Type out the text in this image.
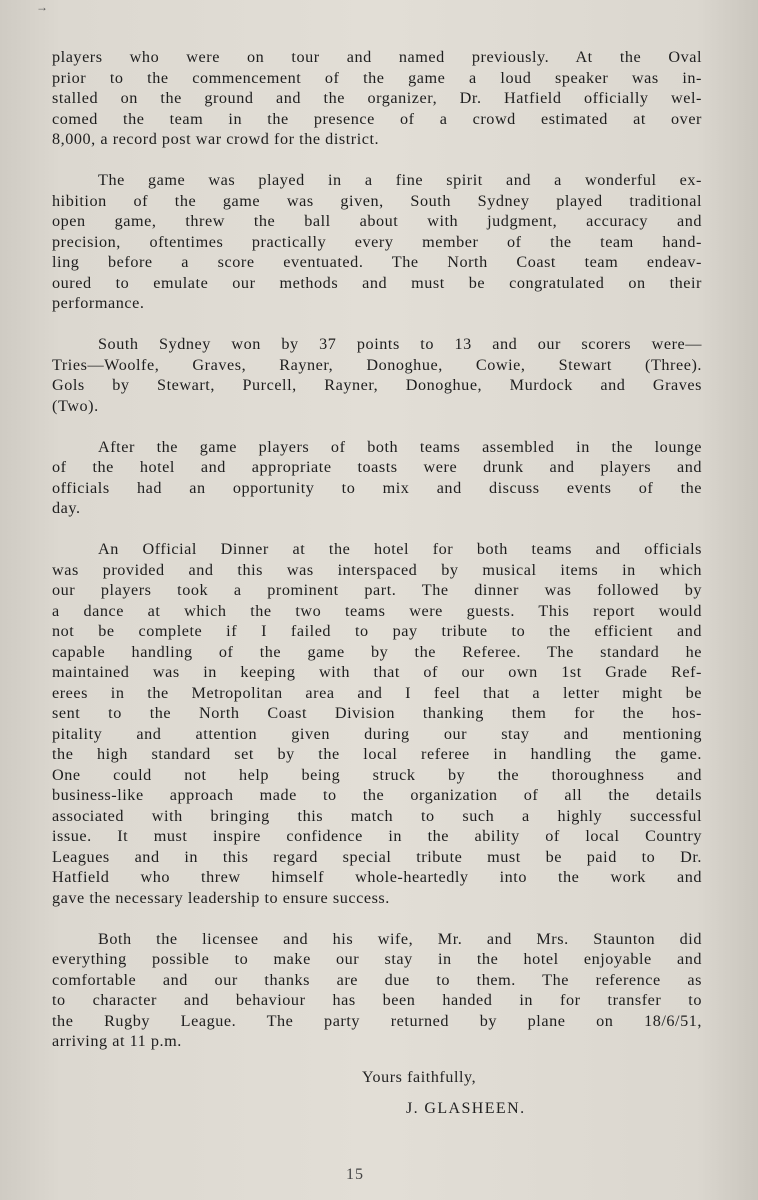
→
players who were on tour and named previously. At the Oval
prior to the commencement of the game a loud speaker was in-
stalled on the ground and the organizer, Dr. Hatfield officially wel-
comed the team in the presence of a crowd estimated at over
8,000, a record post war crowd for the district.
The game was played in a fine spirit and a wonderful ex-
hibition of the game was given, South Sydney played traditional
open game, threw the ball about with judgment, accuracy and
precision, oftentimes practically every member of the team hand-
ling before a score eventuated. The North Coast team endeav-
oured to emulate our methods and must be congratulated on their
performance.
South Sydney won by 37 points to 13 and our scorers were—
Tries—Woolfe, Graves, Rayner, Donoghue, Cowie, Stewart (Three).
Gols by Stewart, Purcell, Rayner, Donoghue, Murdock and Graves
(Two).
After the game players of both teams assembled in the lounge
of the hotel and appropriate toasts were drunk and players and
officials had an opportunity to mix and discuss events of the
day.
An Official Dinner at the hotel for both teams and officials
was provided and this was interspaced by musical items in which
our players took a prominent part. The dinner was followed by
a dance at which the two teams were guests. This report would
not be complete if I failed to pay tribute to the efficient and
capable handling of the game by the Referee. The standard he
maintained was in keeping with that of our own 1st Grade Ref-
erees in the Metropolitan area and I feel that a letter might be
sent to the North Coast Division thanking them for the hos-
pitality and attention given during our stay and mentioning
the high standard set by the local referee in handling the game.
One could not help being struck by the thoroughness and
business-like approach made to the organization of all the details
associated with bringing this match to such a highly successful
issue. It must inspire confidence in the ability of local Country
Leagues and in this regard special tribute must be paid to Dr.
Hatfield who threw himself whole-heartedly into the work and
gave the necessary leadership to ensure success.
Both the licensee and his wife, Mr. and Mrs. Staunton did
everything possible to make our stay in the hotel enjoyable and
comfortable and our thanks are due to them. The reference as
to character and behaviour has been handed in for transfer to
the Rugby League. The party returned by plane on 18/6/51,
arriving at 11 p.m.
Yours faithfully,
J. GLASHEEN.
15
